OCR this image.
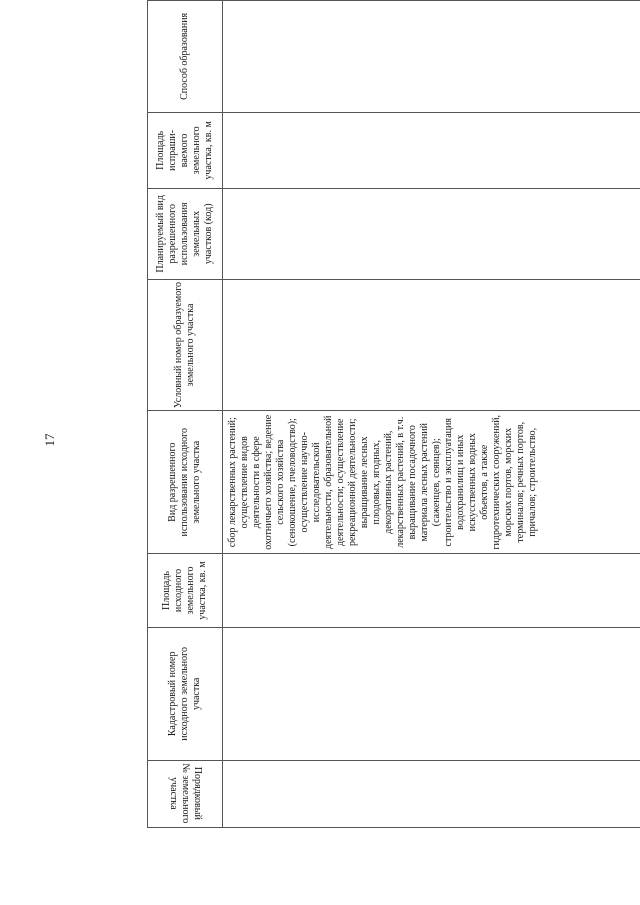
17
Порядковый № земельного участка	Кадастровый номер исходного земельного участка	Площадь исходного земельного участка, кв. м	Вид разрешенного использования исходного земельного участка	Условный номер образуемого земельного участка	Планируемый вид разрешенного использования земельных участков (код)	Площадь испраши-ваемого земельного участка, кв. м	Способ образования

			сбор лекарственных растений; осуществление видов деятельности в сфере охотничьего хозяйства; ведение сельского хозяйства (сенокошение, пчеловодство); осуществление научно-исследовательской деятельности, образовательной деятельности; осуществление рекреационной деятельности; выращивание лесных плодовых, ягодных, декоративных растений, лекарственных растений, в т.ч. выращивание посадочного материала лесных растений (саженцев, сеянцев); строительство и эксплуатация водохранилищ и иных искусственных водных объектов, а также гидротехнических сооружений, морских портов, морских терминалов; речных портов, причалов; строительство,				
